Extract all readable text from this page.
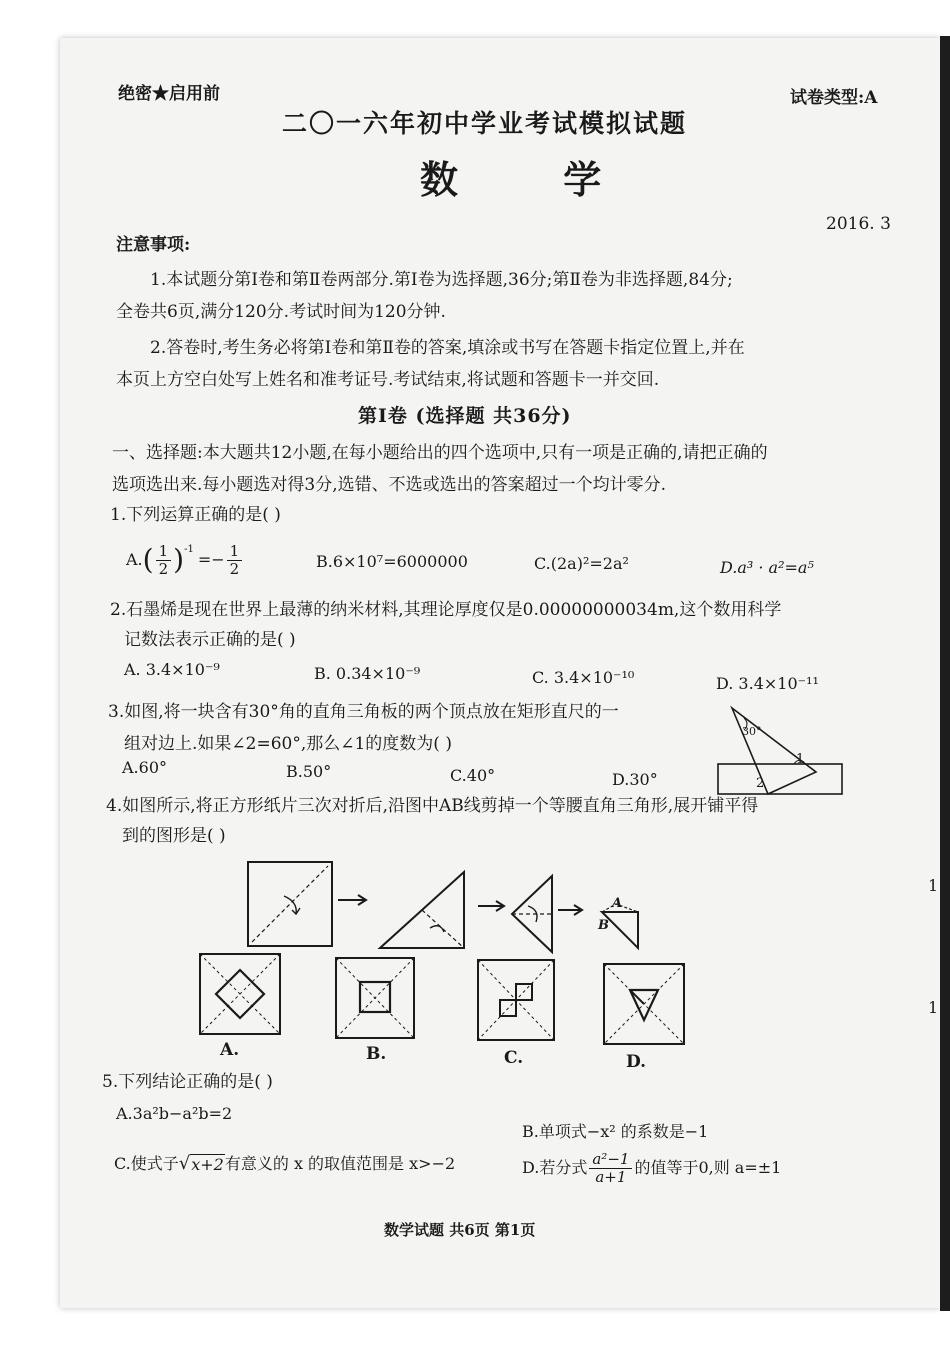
绝密★启用前	试卷类型:A
二〇一六年初中学业考试模拟试题
数 学
2016. 3
注意事项:
1.本试题分第Ⅰ卷和第Ⅱ卷两部分.第Ⅰ卷为选择题,36分;第Ⅱ卷为非选择题,84分;
全卷共6页,满分120分.考试时间为120分钟.
2.答卷时,考生务必将第Ⅰ卷和第Ⅱ卷的答案,填涂或书写在答题卡指定位置上,并在
本页上方空白处写上姓名和准考证号.考试结束,将试题和答题卡一并交回.
第Ⅰ卷 (选择题 共36分)
一、选择题:本大题共12小题,在每小题给出的四个选项中,只有一项是正确的,请把正确的
选项选出来.每小题选对得3分,选错、不选或选出的答案超过一个均计零分.
1.下列运算正确的是( )
A. ( $\frac{1}{2} )^{-1}$
=− $\frac{1}{2}$	B.6×10⁷=6000000	C.(2a)²=2a²	D.a³ · a²=a⁵
2.石墨烯是现在世界上最薄的纳米材料,其理论厚度仅是0.00000000034m,这个数用科学
记数法表示正确的是( )
A. 3.4×10⁻⁹	B. 0.34×10⁻⁹	C. 3.4×10⁻¹⁰	D. 3.4×10⁻¹¹
3.如图,将一块含有30°角的直角三角板的两个顶点放在矩形直尺的一
组对边上.如果∠2=60°,那么∠1的度数为( )
A.60°	B.50°	C.40°	D.30°
30°
1
2
4.如图所示,将正方形纸片三次对折后,沿图中AB线剪掉一个等腰直角三角形,展开铺平得
到的图形是( )
A
B
A.	B.	C.	D.
5.下列结论正确的是( )
A.3a²b−a²b=2
B.单项式−x² 的系数是−1
C.使式子 √ x+2 有意义的 x 的取值范围是 x>−2	D.若分式 $\frac{\text{a²−1}}{a+1}$ 的值等于0,则 a=±1
数学试题 共6页 第1页
1
1
